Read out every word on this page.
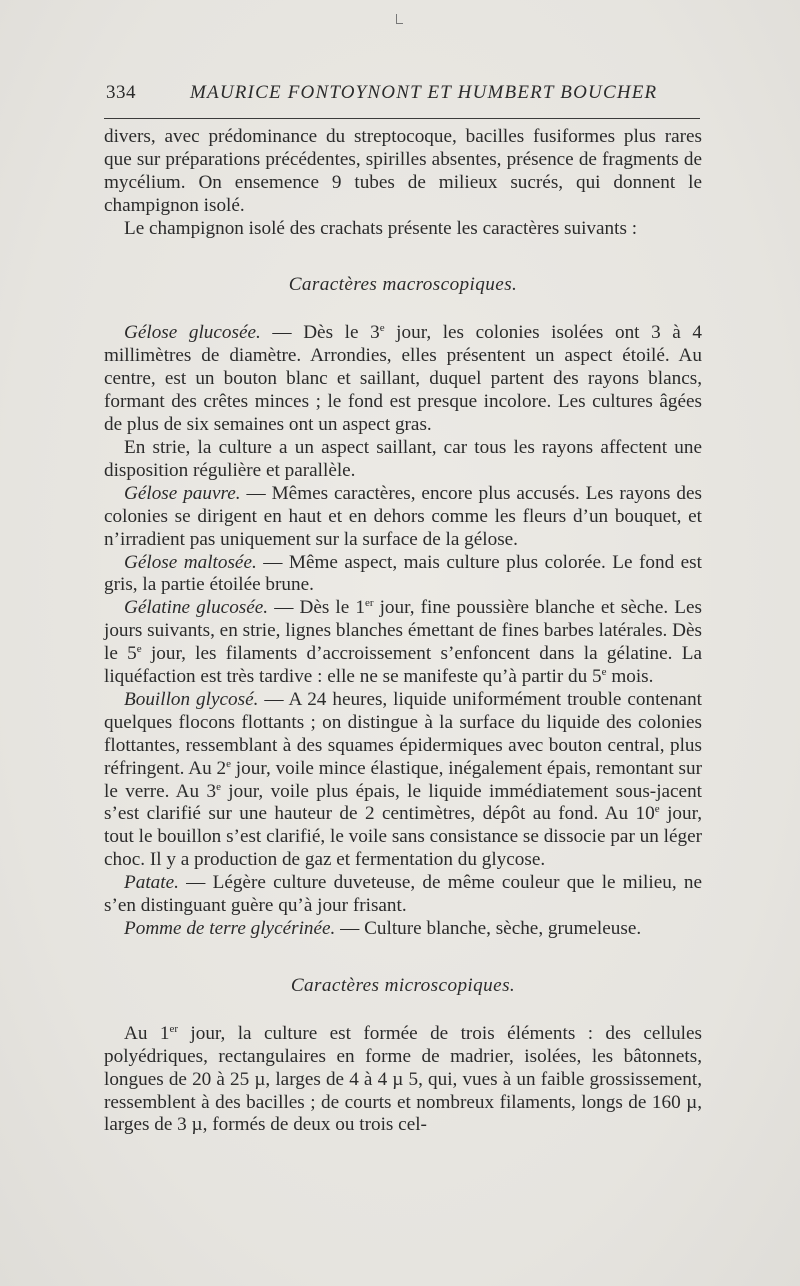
334	MAURICE FONTOYNONT ET HUMBERT BOUCHER

divers, avec prédominance du streptocoque, bacilles fusiformes plus rares que sur préparations précédentes, spirilles absentes, présence de fragments de mycélium. On ensemence 9 tubes de milieux sucrés, qui donnent le champignon isolé.

Le champignon isolé des crachats présente les caractères suivants :

Caractères macroscopiques.

Gélose glucosée. — Dès le 3e jour, les colonies isolées ont 3 à 4 millimètres de diamètre. Arrondies, elles présentent un aspect étoilé. Au centre, est un bouton blanc et saillant, duquel partent des rayons blancs, formant des crêtes minces ; le fond est presque incolore. Les cultures âgées de plus de six semaines ont un aspect gras.

En strie, la culture a un aspect saillant, car tous les rayons affectent une disposition régulière et parallèle.

Gélose pauvre. — Mêmes caractères, encore plus accusés. Les rayons des colonies se dirigent en haut et en dehors comme les fleurs d’un bouquet, et n’irradient pas uniquement sur la surface de la gélose.

Gélose maltosée. — Même aspect, mais culture plus colorée. Le fond est gris, la partie étoilée brune.

Gélatine glucosée. — Dès le 1er jour, fine poussière blanche et sèche. Les jours suivants, en strie, lignes blanches émettant de fines barbes latérales. Dès le 5e jour, les filaments d’accroissement s’enfoncent dans la gélatine. La liquéfaction est très tardive : elle ne se manifeste qu’à partir du 5e mois.

Bouillon glycosé. — A 24 heures, liquide uniformément trouble contenant quelques flocons flottants ; on distingue à la surface du liquide des colonies flottantes, ressemblant à des squames épidermiques avec bouton central, plus réfringent. Au 2e jour, voile mince élastique, inégalement épais, remontant sur le verre. Au 3e jour, voile plus épais, le liquide immédiatement sous-jacent s’est clarifié sur une hauteur de 2 centimètres, dépôt au fond. Au 10e jour, tout le bouillon s’est clarifié, le voile sans consistance se dissocie par un léger choc. Il y a production de gaz et fermentation du glycose.

Patate. — Légère culture duveteuse, de même couleur que le milieu, ne s’en distinguant guère qu’à jour frisant.

Pomme de terre glycérinée. — Culture blanche, sèche, grumeleuse.

Caractères microscopiques.

Au 1er jour, la culture est formée de trois éléments : des cellules polyédriques, rectangulaires en forme de madrier, isolées, les bâtonnets, longues de 20 à 25 µ, larges de 4 à 4 µ 5, qui, vues à un faible grossissement, ressemblent à des bacilles ; de courts et nombreux filaments, longs de 160 µ, larges de 3 µ, formés de deux ou trois cel-
